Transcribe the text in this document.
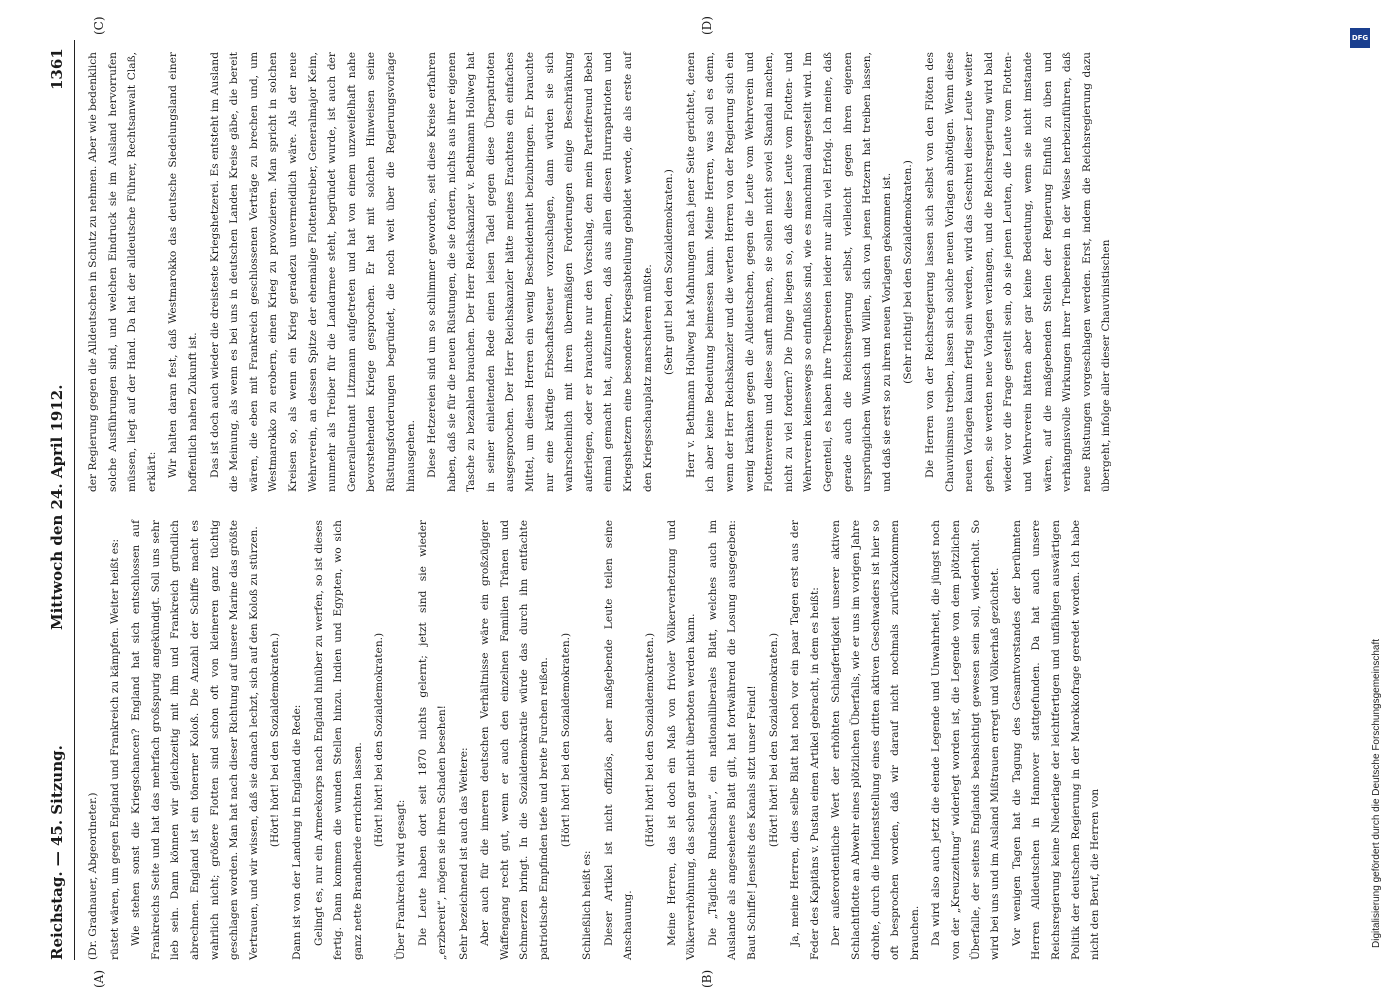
Reichstag. — 45. Sitzung.
Mittwoch den 24. April 1912.
1361

(Dr. Gradnauer, Abgeordneter.) rüstet wären, um gegen England und Frankreich zu kämpfen. Weiter heißt es: Wie stehen sonst die Kriegschancen? England hat sich entschlossen auf Frankreichs Seite und hat das mehrfach großspurig angekündigt. Soll uns sehr lieb sein. Dann können wir gleichzeitig mit ihm und Frankreich gründlich abrechnen. England ist ein tönerner Koloß. Die Anzahl der Schiffe macht es wahrlich nicht; größere Flotten sind schon oft von kleineren ganz tüchtig geschlagen worden. Man hat nach dieser Richtung auf unsere Marine das größte Vertrauen, und wir wissen, daß sie danach lechzt, sich auf den Koloß zu stürzen. (Hört! hört! bei den Sozialdemokraten.) Dann ist von der Landung in England die Rede: Gelingt es, nur ein Armeekorps nach England hinüber zu werfen, so ist dieses fertig. Dann kommen die wunden Stellen hinzu. Indien und Egypten, wo sich ganz nette Brandherde errichten lassen.

(Hört! hört! bei den Sozialdemokraten.)

Über Frankreich wird gesagt: Die Leute haben dort seit 1870 nichts gelernt; jetzt sind sie wieder „erzbereit“, mögen sie ihren Schaden besehen! Sehr bezeichnend ist auch das Weitere: Aber auch für die inneren deutschen Verhältnisse wäre ein großzügiger Waffengang recht gut, wenn er auch den einzelnen Familien Tränen und Schmerzen bringt. In die Sozialdemokratie würde das durch ihn entfachte patriotische Empfinden tiefe und breite Furchen reißen. (Hört! hört! bei den Sozialdemokraten.)

Schließlich heißt es: Dieser Artikel ist nicht offiziös, aber maßgebende Leute teilen seine Anschauung.

(Hört! hört! bei den Sozialdemokraten.) Meine Herren, das ist doch ein Maß von frivoler Völkerverhetzung und Völkerverhöhnung, das schon gar nicht überboten werden kann. Die „Tägliche Rundschau“, ein nationalliberales Blatt, welches auch im Auslande als angesehenes Blatt gilt, hat fortwährend die Losung ausgegeben: Baut Schiffe! Jenseits des Kanals sitzt unser Feind! (Hört! hört! bei den Sozialdemokraten.) Ja, meine Herren, dies selbe Blatt hat noch vor ein paar Tagen erst aus der Feder des Kapitäns v. Pustau einen Artikel gebracht, in dem es heißt: Der außerordentliche Wert der erhöhten Schlagfertigkeit unserer aktiven Schlachtflotte an Abwehr eines plötzlichen Überfalls, wie er uns im vorigen Jahre drohte, durch die Indienststellung eines dritten aktiven Geschwaders ist hier so oft besprochen worden, daß wir darauf nicht nochmals zurückzukommen brauchen. Da wird also auch jetzt die elende Legende und Unwahrheit, die jüngst noch von der „Kreuzzeitung“ widerlegt worden ist, die Legende von dem plötzlichen Überfalle, der seitens Englands beabsichtigt gewesen sein soll, wiederholt. So wird bei uns und im Ausland Mißtrauen erregt und Völkerhaß gezüchtet. Vor wenigen Tagen hat die Tagung des Gesamtvorstandes der berühmten Herren Alldeutschen in Hannover stattgefunden. Da hat auch unsere Reichsregierung keine Niederlage der leichtfertigen und unfähigen auswärtigen Politik der deutschen Regierung in der Marokkofrage geredet worden. Ich habe nicht den Beruf, die Herren von

der Regierung gegen die Alldeutschen in Schutz zu nehmen. Aber wie bedenklich solche Ausführungen sind, und welchen Eindruck sie im Ausland hervorrufen müssen, liegt auf der Hand. Da hat der alldeutsche Führer, Rechtsanwalt Claß, erklärt: Wir halten daran fest, daß Westmarokko das deutsche Siedelungsland einer hoffentlich nahen Zukunft ist. Das ist doch auch wieder die dreisteste Kriegshetzerei. Es entsteht im Ausland die Meinung, als wenn es bei uns in deutschen Landen Kreise gäbe, die bereit wären, die eben mit Frankreich geschlossenen Verträge zu brechen und, um Westmarokko zu erobern, einen Krieg zu provozieren. Man spricht in solchen Kreisen so, als wenn ein Krieg geradezu unvermeidlich wäre. Als der neue Wehrverein, an dessen Spitze der ehemalige Flottentreiber, Generalmajor Keim, nunmehr als Treiber für die Landarmee steht, begründet wurde, ist auch der Generalleutnant Litzmann aufgetreten und hat von einem unzweifelhaft nahe bevorstehenden Kriege gesprochen. Er hat mit solchen Hinweisen seine Rüstungsforderungen begründet, die noch weit über die Regierungsvorlage hinausgehen. Diese Hetzereien sind um so schlimmer geworden, seit diese Kreise erfahren haben, daß sie für die neuen Rüstungen, die sie fordern, nichts aus ihrer eigenen Tasche zu bezahlen brauchen. Der Herr Reichskanzler v. Bethmann Hollweg hat in seiner einleitenden Rede einen leisen Tadel gegen diese Überpatrioten ausgesprochen. Der Herr Reichskanzler hätte meines Erachtens ein einfaches Mittel, um diesen Herren ein wenig Bescheidenheit beizubringen. Er brauchte nur eine kräftige Erbschaftssteuer vorzuschlagen, dann würden sie sich wahrscheinlich mit ihren übermäßigen Forderungen einige Beschränkung auferlegen, oder er brauchte nur den Vorschlag, den mein Parteifreund Bebel einmal gemacht hat, aufzunehmen, daß aus allen diesen Hurrapatrioten und Kriegshetzern eine besondere Kriegsabteilung gebildet werde, die als erste auf den Kriegsschauplatz marschieren müßte. (Sehr gut! bei den Sozialdemokraten.) Herr v. Bethmann Hollweg hat Mahnungen nach jener Seite gerichtet, denen ich aber keine Bedeutung beimessen kann. Meine Herren, was soll es denn, wenn der Herr Reichskanzler und die werten Herren von der Regierung sich ein wenig kränken gegen die Alldeutschen, gegen die Leute vom Wehrverein und Flottenverein und diese sanft mahnen, sie sollen nicht soviel Skandal machen, nicht zu viel fordern? Die Dinge liegen so, daß diese Leute vom Flotten- und Wehrverein keineswegs so einflußlos sind, wie es manchmal dargestellt wird. Im Gegenteil, es haben ihre Treibereien leider nur allzu viel Erfolg. Ich meine, daß gerade auch die Reichsregierung selbst, vielleicht gegen ihren eigenen ursprünglichen Wunsch und Willen, sich von jenen Hetzern hat treiben lassen, und daß sie erst so zu ihren neuen Vorlagen gekommen ist. (Sehr richtig! bei den Sozialdemokraten.) Die Herren von der Reichsregierung lassen sich selbst von den Flöten des Chauvinismus treiben, lassen sich solche neuen Vorlagen abnötigen. Wenn diese neuen Vorlagen kaum fertig sein werden, wird das Geschrei dieser Leute weiter gehen, sie werden neue Vorlagen verlangen, und die Reichsregierung wird bald wieder vor die Frage gestellt sein, ob sie jenen Leuten, die Leute vom Flotten- und Wehrverein hätten aber gar keine Bedeutung, wenn sie nicht imstande wären, auf die maßgebenden Stellen der Regierung Einfluß zu üben und verhängnisvolle Wirkungen ihrer Treibereien in der Weise herbeizuführen, daß neue Rüstungen vorgeschlagen werden. Erst, indem die Reichsregierung dazu übergeht, infolge aller dieser Chauvinistischen

(A)	(B)
(C)	(D)
DFG
Digitalisierung gefördert durch die Deutsche Forschungsgemeinschaft
